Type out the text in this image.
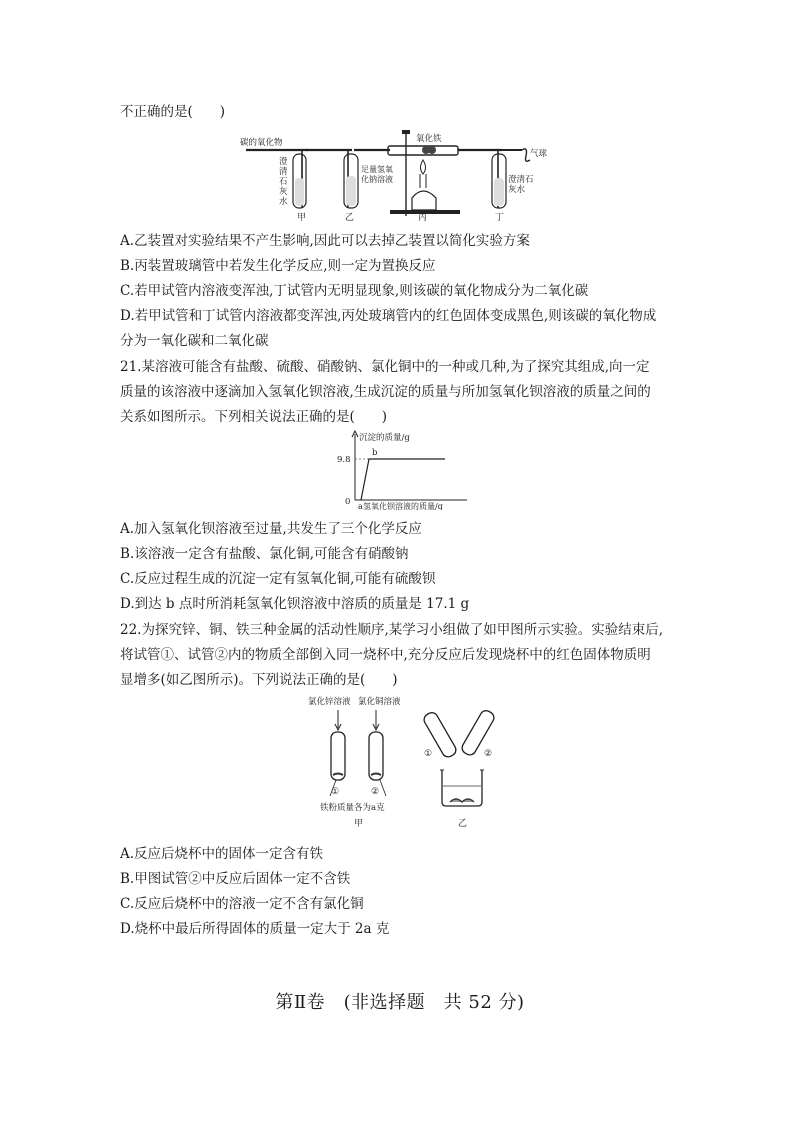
不正确的是(　　)
碳的氧化物
澄
清
石
灰
水
足量氢氧
化钠溶液
氧化铁
气球
澄清石
灰水
甲	乙	丙	丁
A.乙装置对实验结果不产生影响,因此可以去掉乙装置以简化实验方案
B.丙装置玻璃管中若发生化学反应,则一定为置换反应
C.若甲试管内溶液变浑浊,丁试管内无明显现象,则该碳的氧化物成分为二氧化碳
D.若甲试管和丁试管内溶液都变浑浊,丙处玻璃管内的红色固体变成黑色,则该碳的氧化物成
分为一氧化碳和二氧化碳
21.某溶液可能含有盐酸、硫酸、硝酸钠、氯化铜中的一种或几种,为了探究其组成,向一定
质量的该溶液中逐滴加入氢氧化钡溶液,生成沉淀的质量与所加氢氧化钡溶液的质量之间的
关系如图所示。下列相关说法正确的是(　　)
沉淀的质量/g
氢氧化钡溶液的质量/g
9.8
0 a
b
A.加入氢氧化钡溶液至过量,共发生了三个化学反应
B.该溶液一定含有盐酸、氯化铜,可能含有硝酸钠
C.反应过程生成的沉淀一定有氢氧化铜,可能有硫酸钡
D.到达 b 点时所消耗氢氧化钡溶液中溶质的质量是 17.1 g
22.为探究锌、铜、铁三种金属的活动性顺序,某学习小组做了如甲图所示实验。实验结束后,
将试管①、试管②内的物质全部倒入同一烧杯中,充分反应后发现烧杯中的红色固体物质明
显增多(如乙图所示)。下列说法正确的是(　　)
氯化锌溶液 氯化铜溶液
①	②
铁粉质量各为a克
甲
①	②
乙
A.反应后烧杯中的固体一定含有铁
B.甲图试管②中反应后固体一定不含铁
C.反应后烧杯中的溶液一定不含有氯化铜
D.烧杯中最后所得固体的质量一定大于 2a 克
第Ⅱ卷　(非选择题　共 52 分)
